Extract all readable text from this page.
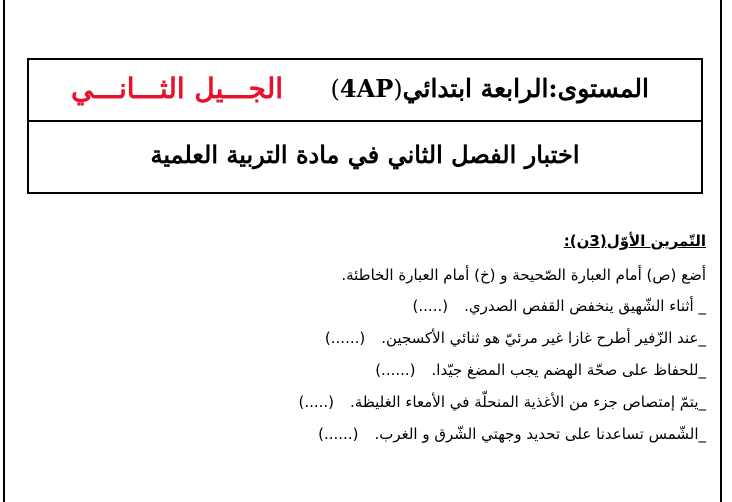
المستوى:الرابعة ابتدائي(4AP)
الجـــيل الثـــانـــي
اختبار الفصل الثاني في مادة التربية العلمية
التّمرين الأوّل(3ن):
أضع (ص) أمام العبارة الصّحيحة و (خ) أمام العبارة الخاطئة.
_ أثناء الشّهيق ينخفض القفص الصدري.(.....)
_عند الزّفير أطرح غازا غير مرئيّ هو ثنائي الأكسجين.(......)
_للحفاظ على صحّة الهضم يجب المضغ جيّدا.(......)
_يتمّ إمتصاص جزء من الأغذية المنحلّة في الأمعاء الغليظة.(.....)
_الشّمس تساعدنا على تحديد وجهتي الشّرق و الغرب.(......)
